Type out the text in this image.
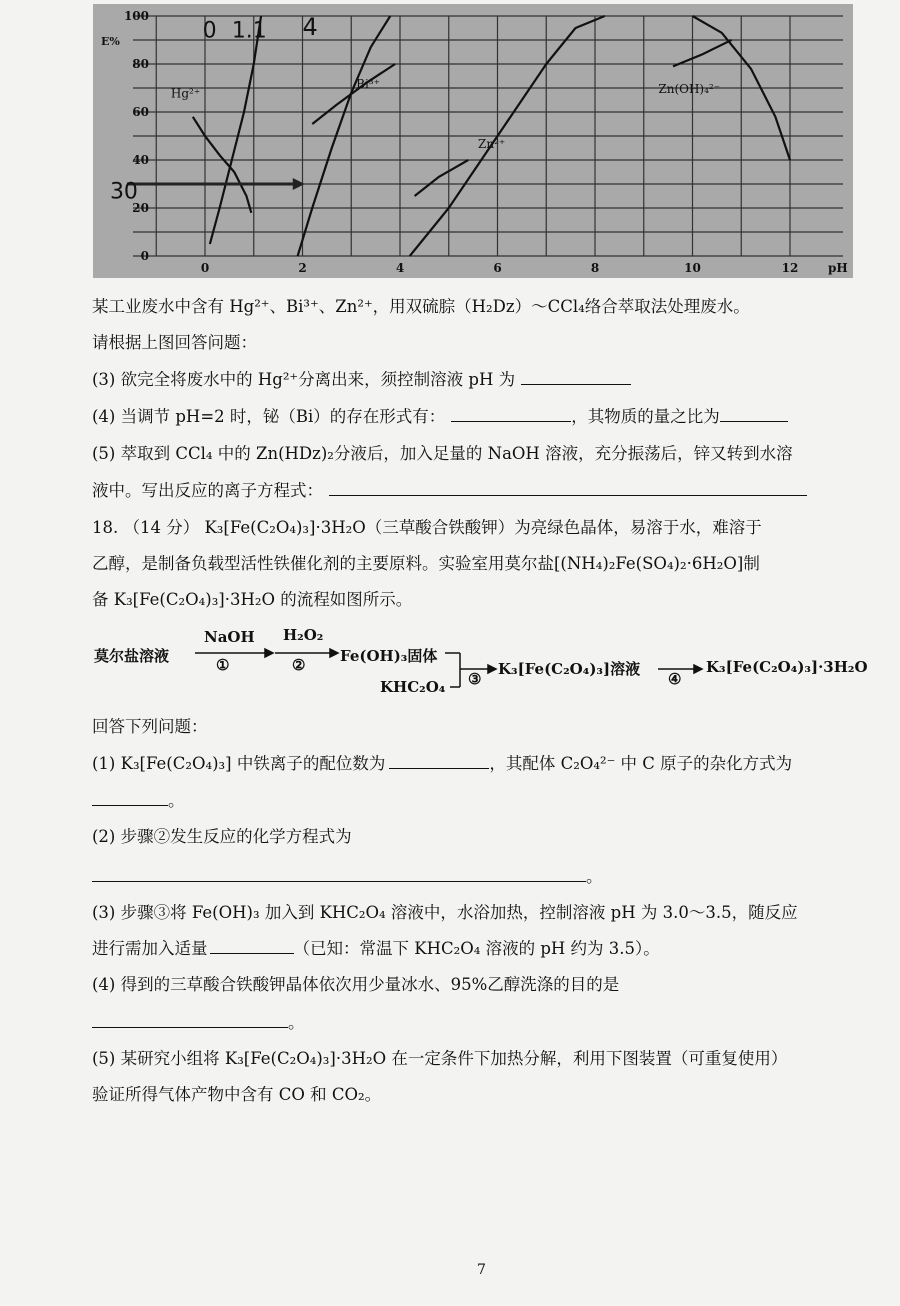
Hg²⁺
Bi³⁺
Zn²⁺
Zn(OH)₄²⁻
0 1.1 4
30
0
20
40
60
80
100
0	2	4	6	8	10	12
E%
pH
某工业废水中含有 Hg²⁺、Bi³⁺、Zn²⁺，用双硫腙（H₂Dz）～CCl₄络合萃取法处理废水。
请根据上图回答问题：
(3) 欲完全将废水中的 Hg²⁺分离出来，须控制溶液 pH 为
(4) 当调节 pH=2 时，铋（Bi）的存在形式有：	，其物质的量之比为
(5) 萃取到 CCl₄ 中的 Zn(HDz)₂分液后，加入足量的 NaOH 溶液，充分振荡后，锌又转到水溶
液中。写出反应的离子方程式：
18. （14 分） K₃[Fe(C₂O₄)₃]·3H₂O（三草酸合铁酸钾）为亮绿色晶体，易溶于水，难溶于
乙醇，是制备负载型活性铁催化剂的主要原料。实验室用莫尔盐[(NH₄)₂Fe(SO₄)₂·6H₂O]制
备 K₃[Fe(C₂O₄)₃]·3H₂O 的流程如图所示。
莫尔盐溶液
NaOH
①
H₂O₂
② Fe(OH)₃固体
KHC₂O₄ ③
K₃[Fe(C₂O₄)₃]溶液
④
K₃[Fe(C₂O₄)₃]·3H₂O
回答下列问题：
(1) K₃[Fe(C₂O₄)₃] 中铁离子的配位数为	，其配体 C₂O₄²⁻ 中 C 原子的杂化方式为
。
(2) 步骤②发生反应的化学方程式为
。
(3) 步骤③将 Fe(OH)₃ 加入到 KHC₂O₄ 溶液中，水浴加热，控制溶液 pH 为 3.0～3.5，随反应
进行需加入适量	（已知：常温下 KHC₂O₄ 溶液的 pH 约为 3.5）。
(4) 得到的三草酸合铁酸钾晶体依次用少量冰水、95%乙醇洗涤的目的是
。
(5) 某研究小组将 K₃[Fe(C₂O₄)₃]·3H₂O 在一定条件下加热分解，利用下图装置（可重复使用）
验证所得气体产物中含有 CO 和 CO₂。
7
